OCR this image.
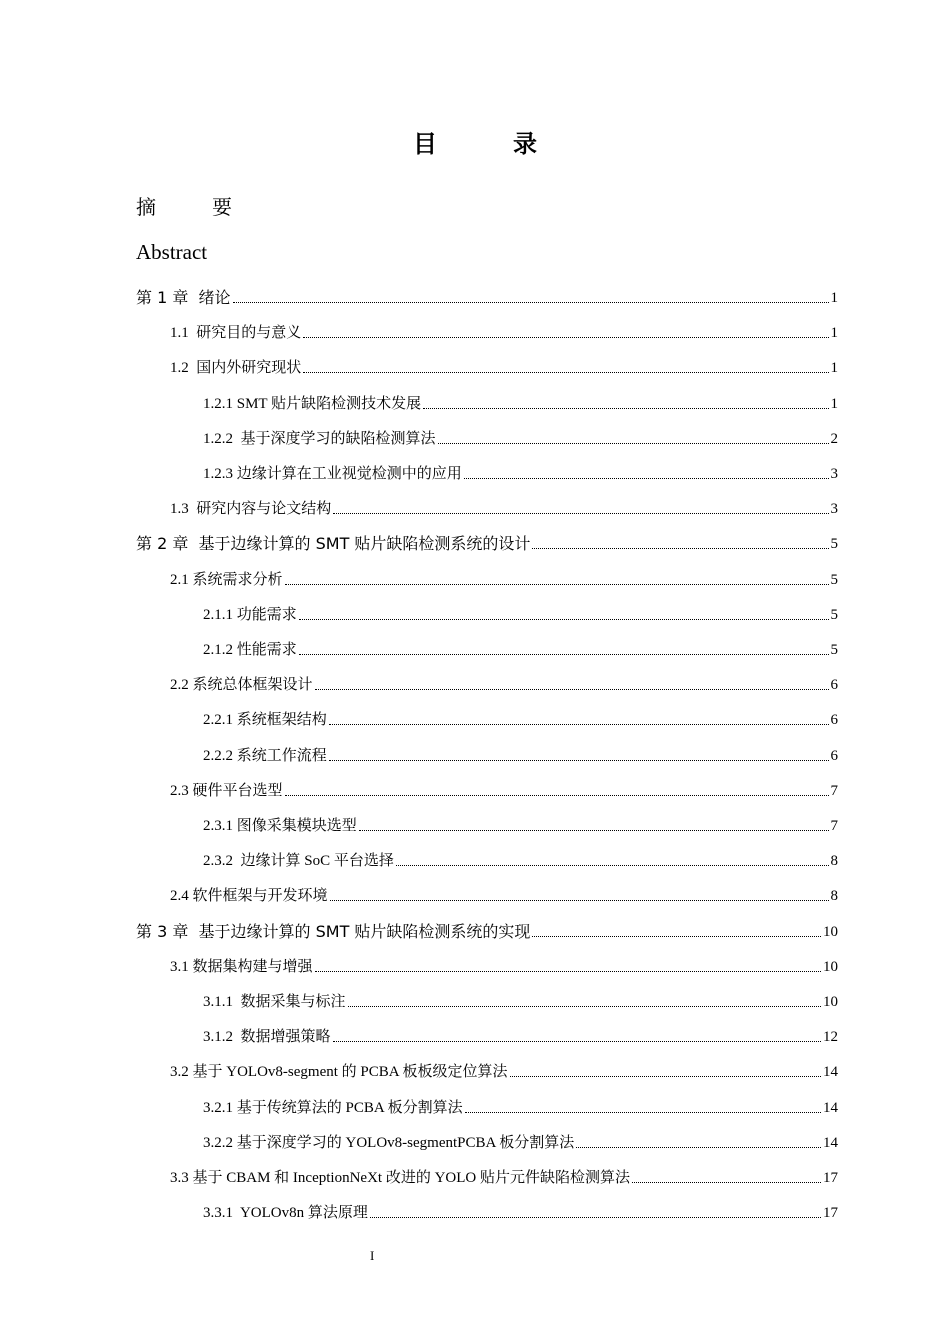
目　录
摘　要
Abstract
第 1 章  绪论	1
1.1  研究目的与意义	1
1.2  国内外研究现状	1
1.2.1 SMT 贴片缺陷检测技术发展	1
1.2.2  基于深度学习的缺陷检测算法	2
1.2.3 边缘计算在工业视觉检测中的应用	3
1.3  研究内容与论文结构	3
第 2 章  基于边缘计算的 SMT 贴片缺陷检测系统的设计	5
2.1 系统需求分析	5
2.1.1 功能需求	5
2.1.2 性能需求	5
2.2 系统总体框架设计	6
2.2.1 系统框架结构	6
2.2.2 系统工作流程	6
2.3 硬件平台选型	7
2.3.1 图像采集模块选型	7
2.3.2  边缘计算 SoC 平台选择	8
2.4 软件框架与开发环境	8
第 3 章  基于边缘计算的 SMT 贴片缺陷检测系统的实现	10
3.1 数据集构建与增强	10
3.1.1  数据采集与标注	10
3.1.2  数据增强策略	12
3.2 基于 YOLOv8-segment 的 PCBA 板板级定位算法	14
3.2.1 基于传统算法的 PCBA 板分割算法	14
3.2.2 基于深度学习的 YOLOv8-segmentPCBA 板分割算法	14
3.3 基于 CBAM 和 InceptionNeXt 改进的 YOLO 贴片元件缺陷检测算法	17
3.3.1  YOLOv8n 算法原理	17
I
